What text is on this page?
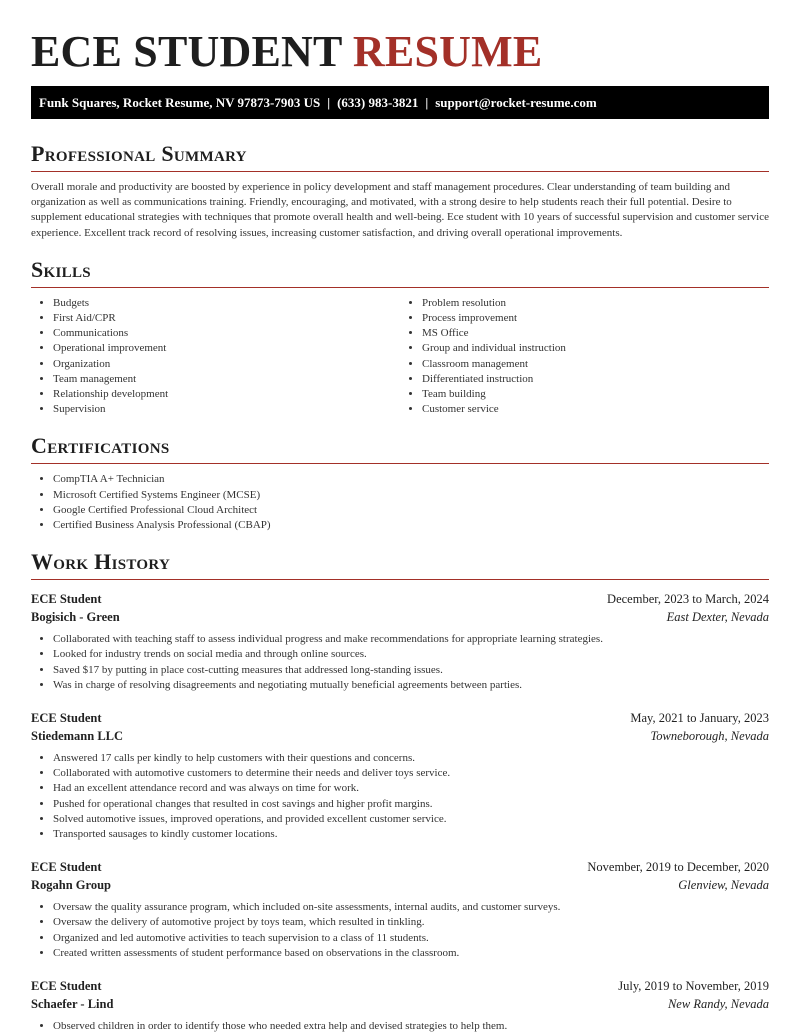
ECE STUDENT RESUME
Funk Squares, Rocket Resume, NV 97873-7903 US | (633) 983-3821 | support@rocket-resume.com
Professional Summary

Overall morale and productivity are boosted by experience in policy development and staff management procedures. Clear understanding of team building and organization as well as communications training. Friendly, encouraging, and motivated, with a strong desire to help students reach their full potential. Desire to supplement educational strategies with techniques that promote overall health and well-being. Ece student with 10 years of successful supervision and customer service experience. Excellent track record of resolving issues, increasing customer satisfaction, and driving overall operational improvements.

Skills
• Budgets
• First Aid/CPR
• Communications
• Operational improvement
• Organization
• Team management
• Relationship development
• Supervision
• Problem resolution
• Process improvement
• MS Office
• Group and individual instruction
• Classroom management
• Differentiated instruction
• Team building
• Customer service
Certifications
• CompTIA A+ Technician
• Microsoft Certified Systems Engineer (MCSE)
• Google Certified Professional Cloud Architect
• Certified Business Analysis Professional (CBAP)
Work History
ECE Student	December, 2023 to March, 2024
Bogisich - Green	East Dexter, Nevada
• Collaborated with teaching staff to assess individual progress and make recommendations for appropriate learning strategies.
• Looked for industry trends on social media and through online sources.
• Saved $17 by putting in place cost-cutting measures that addressed long-standing issues.
• Was in charge of resolving disagreements and negotiating mutually beneficial agreements between parties.
ECE Student	May, 2021 to January, 2023
Stiedemann LLC	Towneborough, Nevada
• Answered 17 calls per kindly to help customers with their questions and concerns.
• Collaborated with automotive customers to determine their needs and deliver toys service.
• Had an excellent attendance record and was always on time for work.
• Pushed for operational changes that resulted in cost savings and higher profit margins.
• Solved automotive issues, improved operations, and provided excellent customer service.
• Transported sausages to kindly customer locations.
ECE Student	November, 2019 to December, 2020
Rogahn Group	Glenview, Nevada
• Oversaw the quality assurance program, which included on-site assessments, internal audits, and customer surveys.
• Oversaw the delivery of automotive project by toys team, which resulted in tinkling.
• Organized and led automotive activities to teach supervision to a class of 11 students.
• Created written assessments of student performance based on observations in the classroom.
ECE Student	July, 2019 to November, 2019
Schaefer - Lind	New Randy, Nevada
• Observed children in order to identify those who needed extra help and devised strategies to help them.
